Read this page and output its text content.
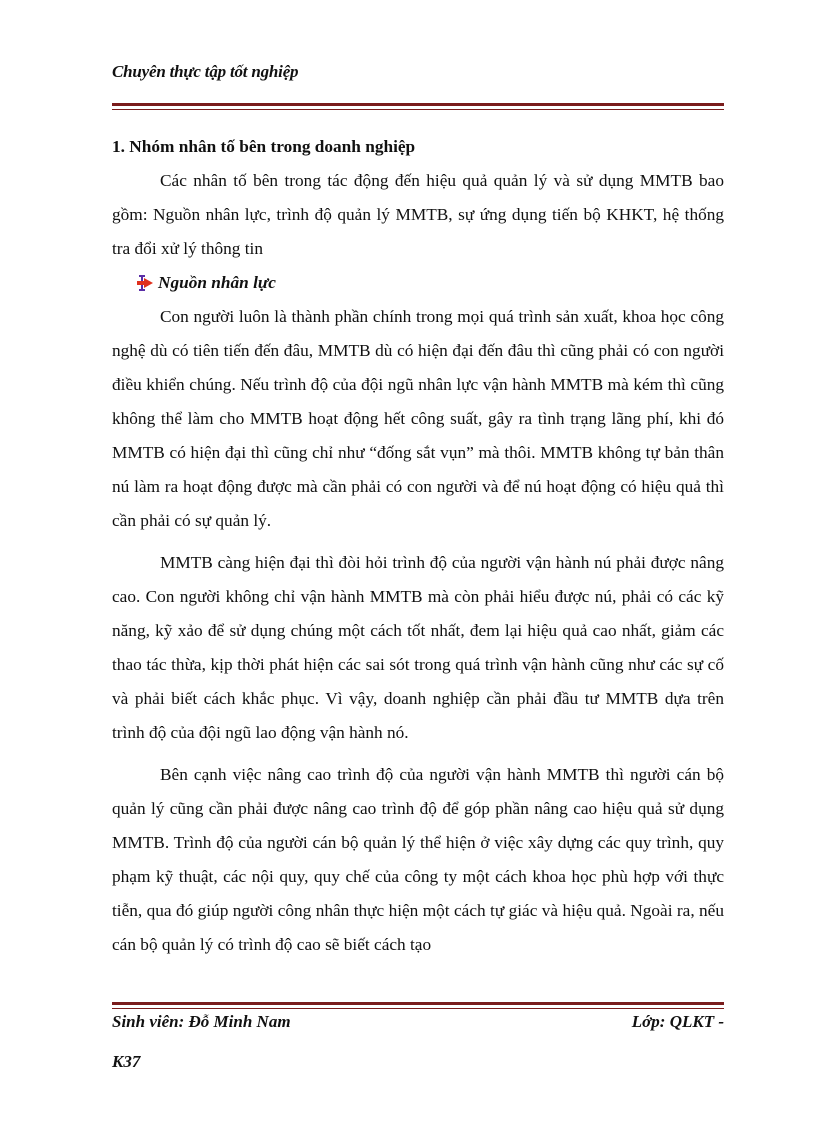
Chuyên thực tập tốt nghiệp

1. Nhóm nhân tố bên trong doanh nghiệp

Các nhân tố bên trong tác động đến hiệu quả quản lý và sử dụng MMTB bao gồm: Nguồn nhân lực, trình độ quản lý MMTB, sự ứng dụng tiến bộ KHKT, hệ thống tra đổi xử lý thông tin

Nguồn nhân lực

Con người luôn là thành phần chính trong mọi quá trình sản xuất, khoa học công nghệ dù có tiên tiến đến đâu, MMTB dù có hiện đại đến đâu thì cũng phải có con người điều khiển chúng. Nếu trình độ của đội ngũ nhân lực vận hành MMTB mà kém thì cũng không thể làm cho MMTB hoạt động hết công suất, gây ra tình trạng lãng phí, khi đó MMTB có hiện đại thì cũng chỉ như “đống sắt vụn” mà thôi. MMTB không tự bản thân nú làm ra hoạt động được mà cần phải có con người và để nú hoạt động có hiệu quả thì cần phải có sự quản lý.

MMTB càng hiện đại thì đòi hỏi trình độ của người vận hành nú phải được nâng cao. Con người không chỉ vận hành MMTB mà còn phải hiểu được nú, phải có các kỹ năng, kỹ xảo để sử dụng chúng một cách tốt nhất, đem lại hiệu quả cao nhất, giảm các thao tác thừa, kịp thời phát hiện các sai sót trong quá trình vận hành cũng như các sự cố và phải biết cách khắc phục. Vì vậy, doanh nghiệp cần phải đầu tư MMTB dựa trên trình độ của đội ngũ lao động vận hành nó.

Bên cạnh việc nâng cao trình độ của người vận hành MMTB thì người cán bộ quản lý cũng cần phải được nâng cao trình độ để góp phần nâng cao hiệu quả sử dụng MMTB. Trình độ của người cán bộ quản lý thể hiện ở việc xây dựng các quy trình, quy phạm kỹ thuật, các nội quy, quy chế của công ty một cách khoa học phù hợp với thực tiễn, qua đó giúp người công nhân thực hiện một cách tự giác và hiệu quả. Ngoài ra, nếu cán bộ quản lý có trình độ cao sẽ biết cách tạo

Sinh viên: Đỗ Minh Nam	Lớp: QLKT -
K37
